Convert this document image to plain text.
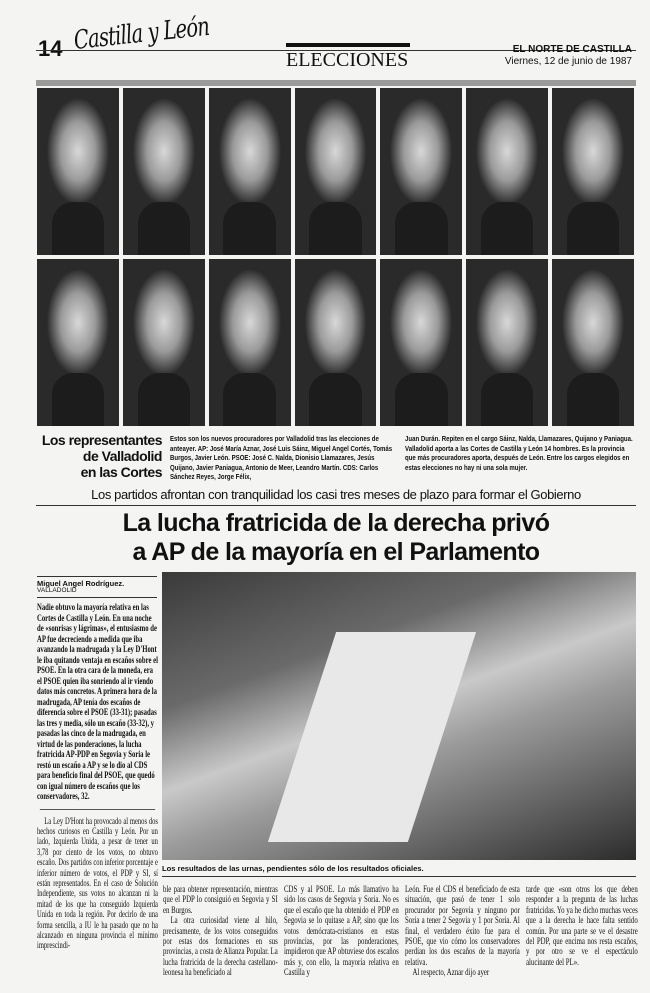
14 Castilla y León
ELECCIONES	EL NORTE DE CASTILLA
Viernes, 12 de junio de 1987
Los representantes
de Valladolid
en las Cortes
Estos son los nuevos procuradores por Valladolid tras las elecciones de anteayer. AP: José María Aznar, José Luis Sáinz, Miguel Angel Cortés, Tomás Burgos, Javier León. PSOE: José C. Nalda, Dionisio Llamazares, Jesús Quijano, Javier Paniagua, Antonio de Meer, Leandro Martín. CDS: Carlos Sánchez Reyes, Jorge Félix,
Juan Durán. Repiten en el cargo Sáinz, Nalda, Llamazares, Quijano y Paniagua. Valladolid aporta a las Cortes de Castilla y León 14 hombres. Es la provincia que más procuradores aporta, después de León. Entre los cargos elegidos en estas elecciones no hay ni una sola mujer.
Los partidos afrontan con tranquilidad los casi tres meses de plazo para formar el Gobierno
La lucha fratricida de la derecha privó
a AP de la mayoría en el Parlamento
Miguel Angel Rodríguez.
VALLADOLID

Nadie obtuvo la mayoría relativa en las Cortes de Castilla y León. En una noche de «sonrisas y lágrimas», el entusiasmo de AP fue decreciendo a medida que iba avanzando la madrugada y la Ley D'Hont le iba quitando ventaja en escaños sobre el PSOE. En la otra cara de la moneda, era el PSOE quien iba sonriendo al ir viendo datos más concretos. A primera hora de la madrugada, AP tenía dos escaños de diferencia sobre el PSOE (33-31); pasadas las tres y media, sólo un escaño (33-32), y pasadas las cinco de la madrugada, en virtud de las ponderaciones, la lucha fratricida AP-PDP en Segovia y Soria le restó un escaño a AP y se lo dio al CDS para beneficio final del PSOE, que quedó con igual número de escaños que los conservadores, 32.

La Ley D'Hont ha provocado al menos dos hechos curiosos en Castilla y León. Por un lado, Izquierda Unida, a pesar de tener un 3,78 por ciento de los votos, no obtuvo escaño. Dos partidos con inferior porcentaje e inferior número de votos, el PDP y SI, sí están representados. En el caso de Solución Independiente, sus votos no alcanzan ni la mitad de los que ha conseguido Izquierda Unida en toda la región. Por decirlo de una forma sencilla, a IU le ha pasado que no ha alcanzado en ninguna provincia el mínimo imprescindi-

Los resultados de las urnas, pendientes sólo de los resultados oficiales.

ble para obtener representación, mientras que el PDP lo consiguió en Segovia y SI en Burgos.

La otra curiosidad viene al hilo, precisamente, de los votos conseguidos por estas dos formaciones en sus provincias, a costa de Alianza Popular. La lucha fratricida de la derecha castellano-leonesa ha beneficiado al

CDS y al PSOE. Lo más llamativo ha sido los casos de Segovia y Soria. No es que el escaño que ha obtenido el PDP en Segovia se lo quitase a AP, sino que los votos demócrata-cristianos en estas provincias, por las ponderaciones, impidieron que AP obtuviese dos escaños más y, con ello, la mayoría relativa en Castilla y

León. Fue el CDS el beneficiado de esta situación, que pasó de tener 1 solo procurador por Segovia y ninguno por Soria a tener 2 Segovia y 1 por Soria. Al final, el verdadero éxito fue para el PSOE, que vio cómo los conservadores perdían los dos escaños de la mayoría relativa.

Al respecto, Aznar dijo ayer

tarde que «son otros los que deben responder a la pregunta de las luchas fratricidas. Yo ya he dicho muchas veces que a la derecha le hace falta sentido común. Por una parte se ve el desastre del PDP, que encima nos resta escaños, y por otro se ve el espectáculo alucinante del PL».
